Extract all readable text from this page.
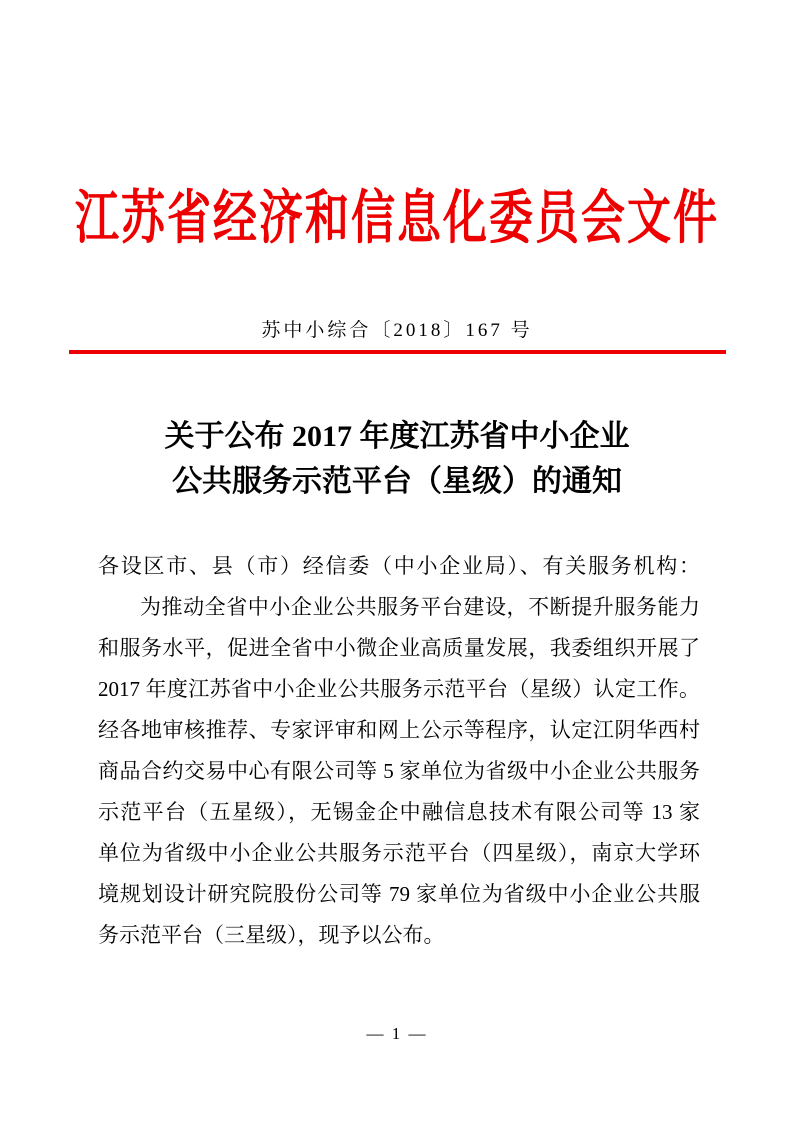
江苏省经济和信息化委员会文件
苏中小综合〔2018〕167 号
关于公布 2017 年度江苏省中小企业
公共服务示范平台（星级）的通知
各设区市、县（市）经信委（中小企业局）、有关服务机构：
为推动全省中小企业公共服务平台建设，不断提升服务能力
和服务水平，促进全省中小微企业高质量发展，我委组织开展了
2017 年度江苏省中小企业公共服务示范平台（星级）认定工作。
经各地审核推荐、专家评审和网上公示等程序，认定江阴华西村
商品合约交易中心有限公司等 5 家单位为省级中小企业公共服务
示范平台（五星级），无锡金企中融信息技术有限公司等 13 家
单位为省级中小企业公共服务示范平台（四星级），南京大学环
境规划设计研究院股份公司等 79 家单位为省级中小企业公共服
务示范平台（三星级），现予以公布。
— 1 —
